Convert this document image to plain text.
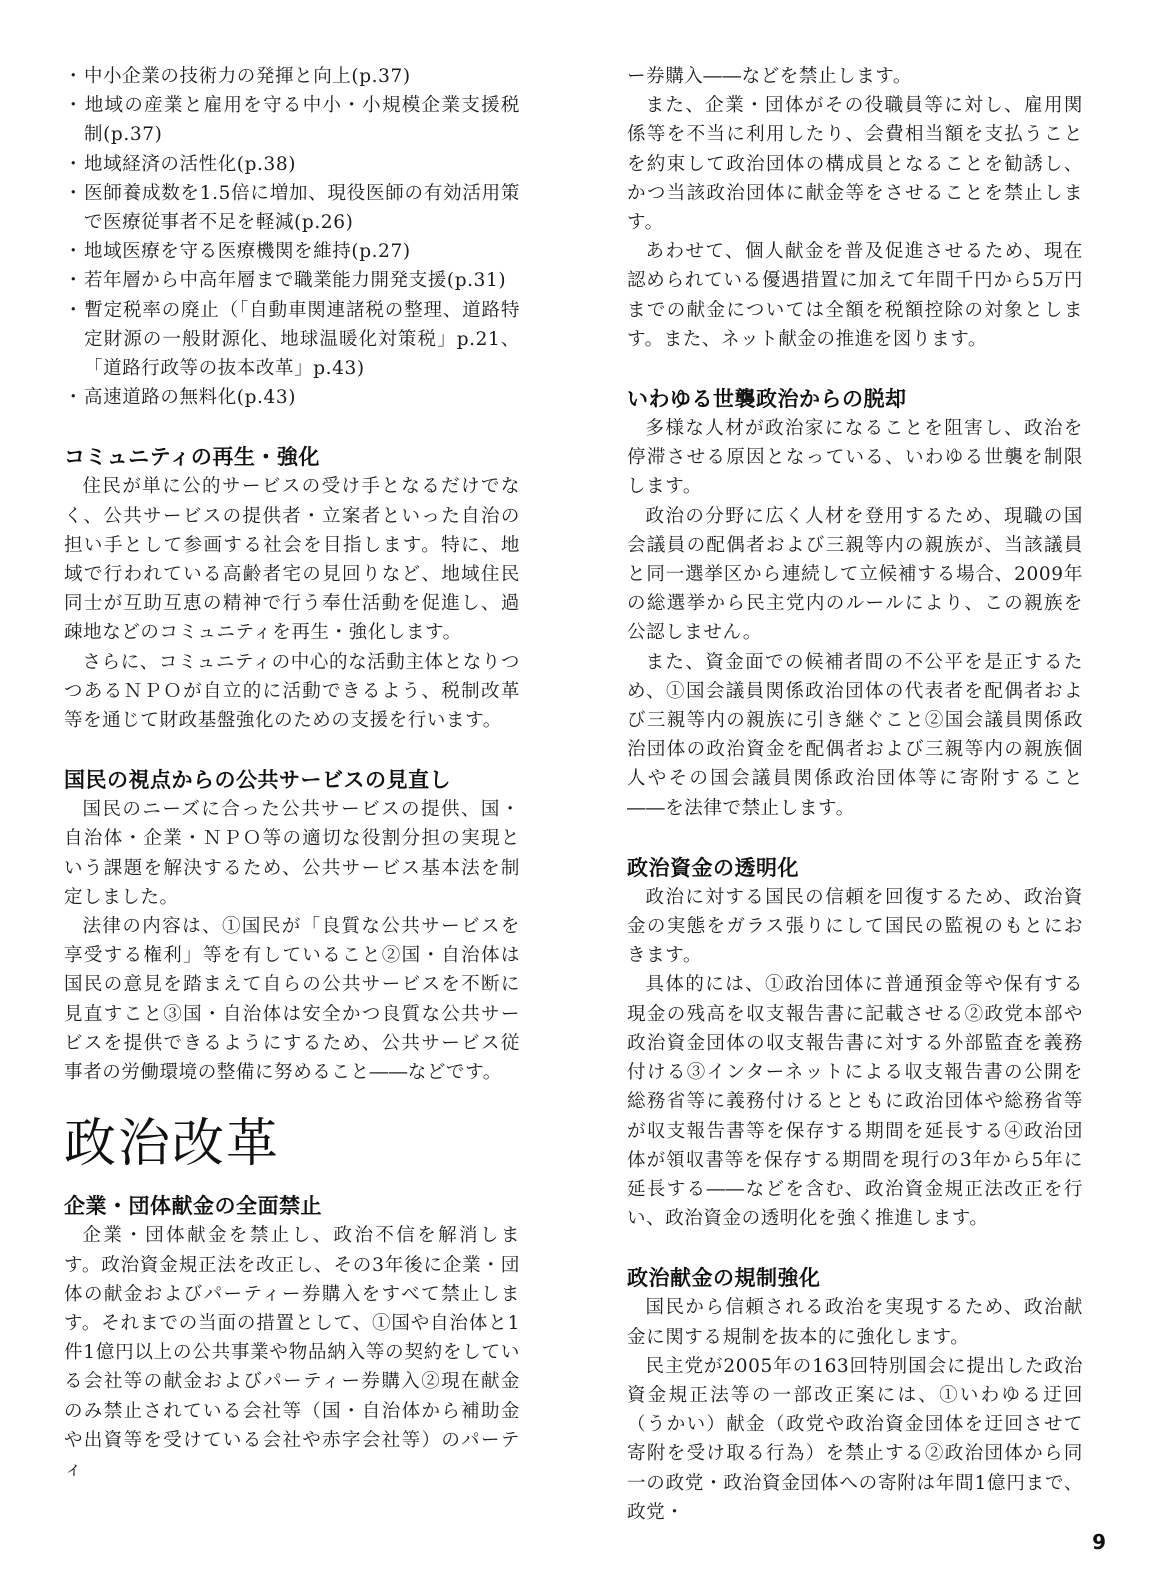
・ 中小企業の技術力の発揮と向上(p.37)
・ 地域の産業と雇用を守る中小・小規模企業支援税制(p.37)
・ 地域経済の活性化(p.38)
・ 医師養成数を1.5倍に増加、現役医師の有効活用策で医療従事者不足を軽減(p.26)
・ 地域医療を守る医療機関を維持(p.27)
・ 若年層から中高年層まで職業能力開発支援(p.31)
・ 暫定税率の廃止（「自動車関連諸税の整理、道路特定財源の一般財源化、地球温暖化対策税」p.21、「道路行政等の抜本改革」p.43)
・ 高速道路の無料化(p.43)
コミュニティの再生・強化

住民が単に公的サービスの受け手となるだけでなく、公共サービスの提供者・立案者といった自治の担い手として参画する社会を目指します。特に、地域で行われている高齢者宅の見回りなど、地域住民同士が互助互恵の精神で行う奉仕活動を促進し、過疎地などのコミュニティを再生・強化します。

さらに、コミュニティの中心的な活動主体となりつつあるＮＰＯが自立的に活動できるよう、税制改革等を通じて財政基盤強化のための支援を行います。

国民の視点からの公共サービスの見直し

国民のニーズに合った公共サービスの提供、国・自治体・企業・ＮＰＯ等の適切な役割分担の実現という課題を解決するため、公共サービス基本法を制定しました。

法律の内容は、①国民が「良質な公共サービスを享受する権利」等を有していること②国・自治体は国民の意見を踏まえて自らの公共サービスを不断に見直すこと③国・自治体は安全かつ良質な公共サービスを提供できるようにするため、公共サービス従事者の労働環境の整備に努めること――などです。

政治改革
企業・団体献金の全面禁止

企業・団体献金を禁止し、政治不信を解消します。政治資金規正法を改正し、その3年後に企業・団体の献金およびパーティー券購入をすべて禁止します。それまでの当面の措置として、①国や自治体と1件1億円以上の公共事業や物品納入等の契約をしている会社等の献金およびパーティー券購入②現在献金のみ禁止されている会社等（国・自治体から補助金や出資等を受けている会社や赤字会社等）のパーティ

ー券購入――などを禁止します。

また、企業・団体がその役職員等に対し、雇用関係等を不当に利用したり、会費相当額を支払うことを約束して政治団体の構成員となることを勧誘し、かつ当該政治団体に献金等をさせることを禁止します。

あわせて、個人献金を普及促進させるため、現在認められている優遇措置に加えて年間千円から5万円までの献金については全額を税額控除の対象とします。また、ネット献金の推進を図ります。

いわゆる世襲政治からの脱却

多様な人材が政治家になることを阻害し、政治を停滞させる原因となっている、いわゆる世襲を制限します。

政治の分野に広く人材を登用するため、現職の国会議員の配偶者および三親等内の親族が、当該議員と同一選挙区から連続して立候補する場合、2009年の総選挙から民主党内のルールにより、この親族を公認しません。

また、資金面での候補者間の不公平を是正するため、①国会議員関係政治団体の代表者を配偶者および三親等内の親族に引き継ぐこと②国会議員関係政治団体の政治資金を配偶者および三親等内の親族個人やその国会議員関係政治団体等に寄附すること――を法律で禁止します。

政治資金の透明化

政治に対する国民の信頼を回復するため、政治資金の実態をガラス張りにして国民の監視のもとにおきます。

具体的には、①政治団体に普通預金等や保有する現金の残高を収支報告書に記載させる②政党本部や政治資金団体の収支報告書に対する外部監査を義務付ける③インターネットによる収支報告書の公開を総務省等に義務付けるとともに政治団体や総務省等が収支報告書等を保存する期間を延長する④政治団体が領収書等を保存する期間を現行の3年から5年に延長する――などを含む、政治資金規正法改正を行い、政治資金の透明化を強く推進します。

政治献金の規制強化

国民から信頼される政治を実現するため、政治献金に関する規制を抜本的に強化します。

民主党が2005年の163回特別国会に提出した政治資金規正法等の一部改正案には、①いわゆる迂回（うかい）献金（政党や政治資金団体を迂回させて寄附を受け取る行為）を禁止する②政治団体から同一の政党・政治資金団体への寄附は年間1億円まで、政党・

9
